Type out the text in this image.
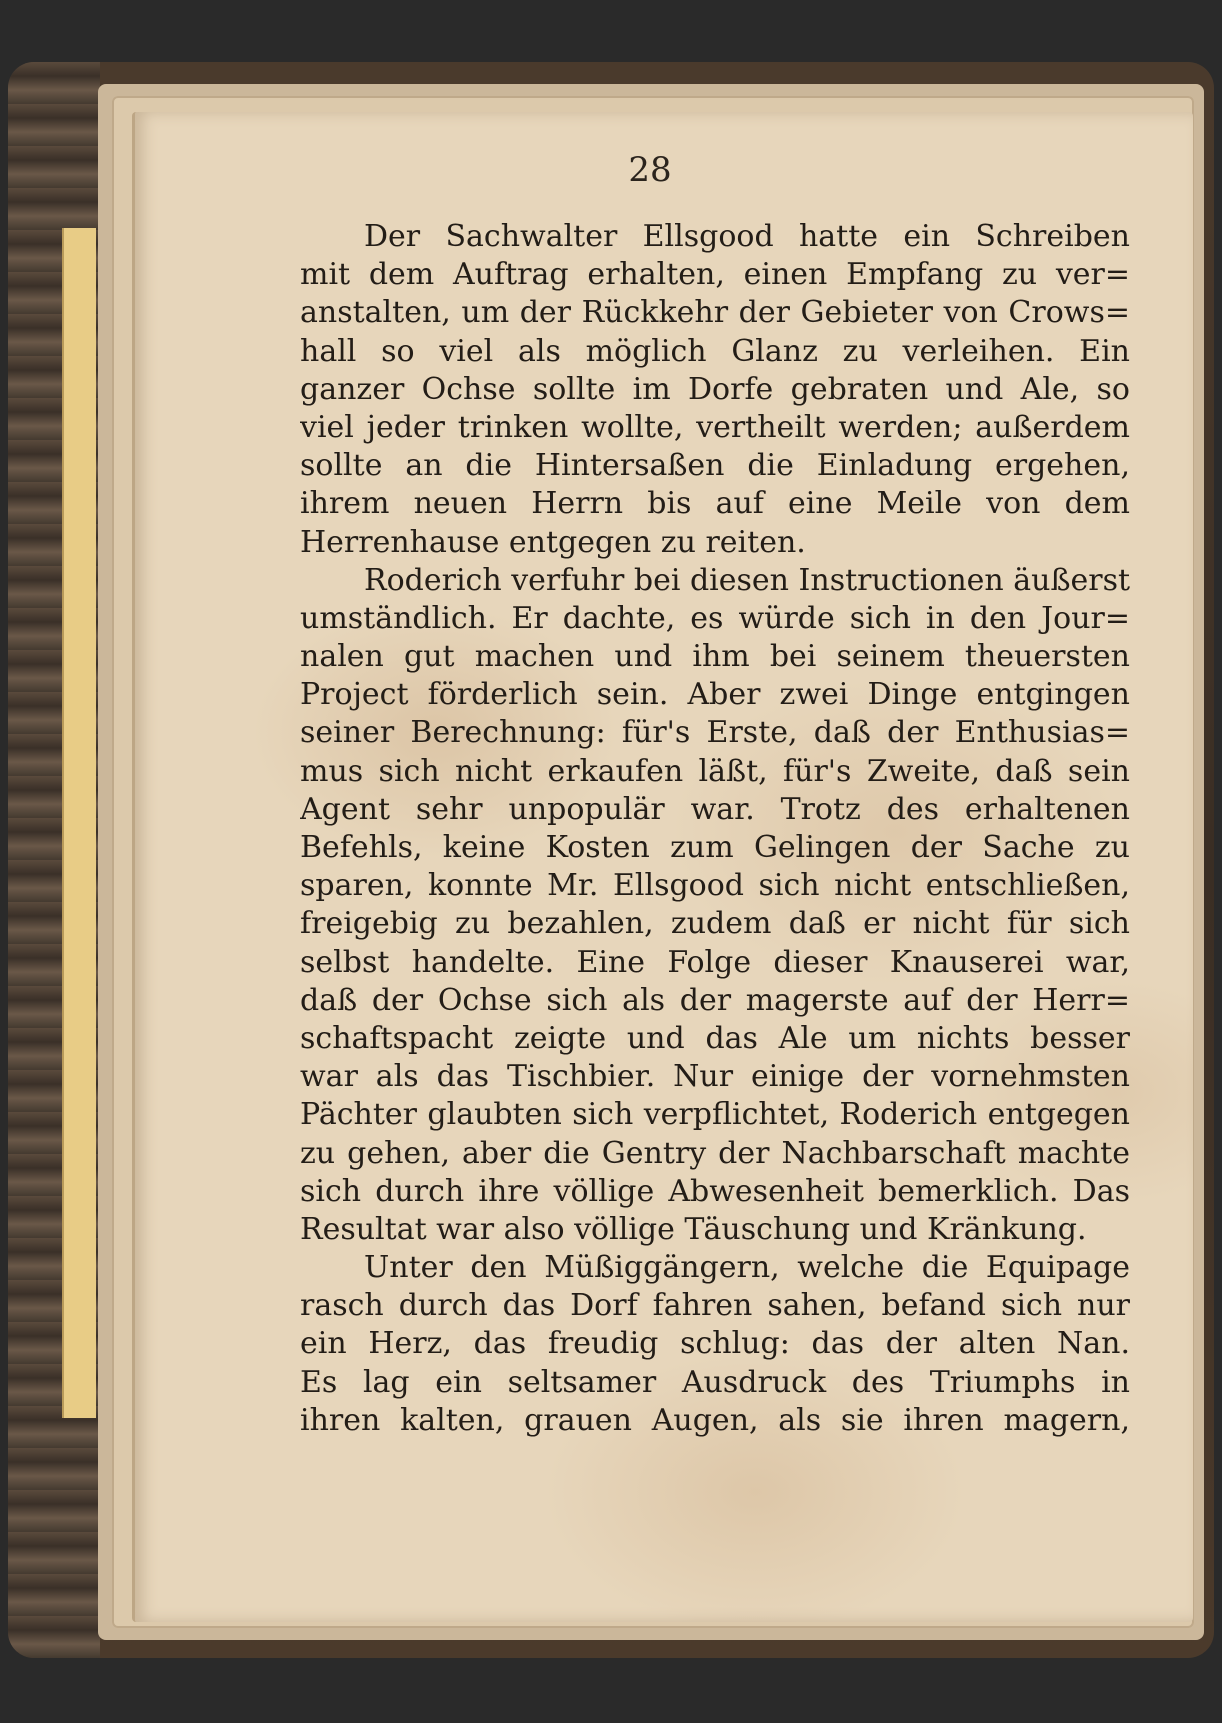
28
Der Sachwalter Ellsgood hatte ein Schreiben
mit dem Auftrag erhalten, einen Empfang zu ver=
anstalten, um der Rückkehr der Gebieter von Crows=
hall so viel als möglich Glanz zu verleihen. Ein
ganzer Ochse sollte im Dorfe gebraten und Ale, so
viel jeder trinken wollte, vertheilt werden; außerdem
sollte an die Hintersaßen die Einladung ergehen,
ihrem neuen Herrn bis auf eine Meile von dem
Herrenhause entgegen zu reiten.
Roderich verfuhr bei diesen Instructionen äußerst
umständlich. Er dachte, es würde sich in den Jour=
nalen gut machen und ihm bei seinem theuersten
Project förderlich sein. Aber zwei Dinge entgingen
seiner Berechnung: für's Erste, daß der Enthusias=
mus sich nicht erkaufen läßt, für's Zweite, daß sein
Agent sehr unpopulär war. Trotz des erhaltenen
Befehls, keine Kosten zum Gelingen der Sache zu
sparen, konnte Mr. Ellsgood sich nicht entschließen,
freigebig zu bezahlen, zudem daß er nicht für sich
selbst handelte. Eine Folge dieser Knauserei war,
daß der Ochse sich als der magerste auf der Herr=
schaftspacht zeigte und das Ale um nichts besser
war als das Tischbier. Nur einige der vornehmsten
Pächter glaubten sich verpflichtet, Roderich entgegen
zu gehen, aber die Gentry der Nachbarschaft machte
sich durch ihre völlige Abwesenheit bemerklich. Das
Resultat war also völlige Täuschung und Kränkung.
Unter den Müßiggängern, welche die Equipage
rasch durch das Dorf fahren sahen, befand sich nur
ein Herz, das freudig schlug: das der alten Nan.
Es lag ein seltsamer Ausdruck des Triumphs in
ihren kalten, grauen Augen, als sie ihren magern,
